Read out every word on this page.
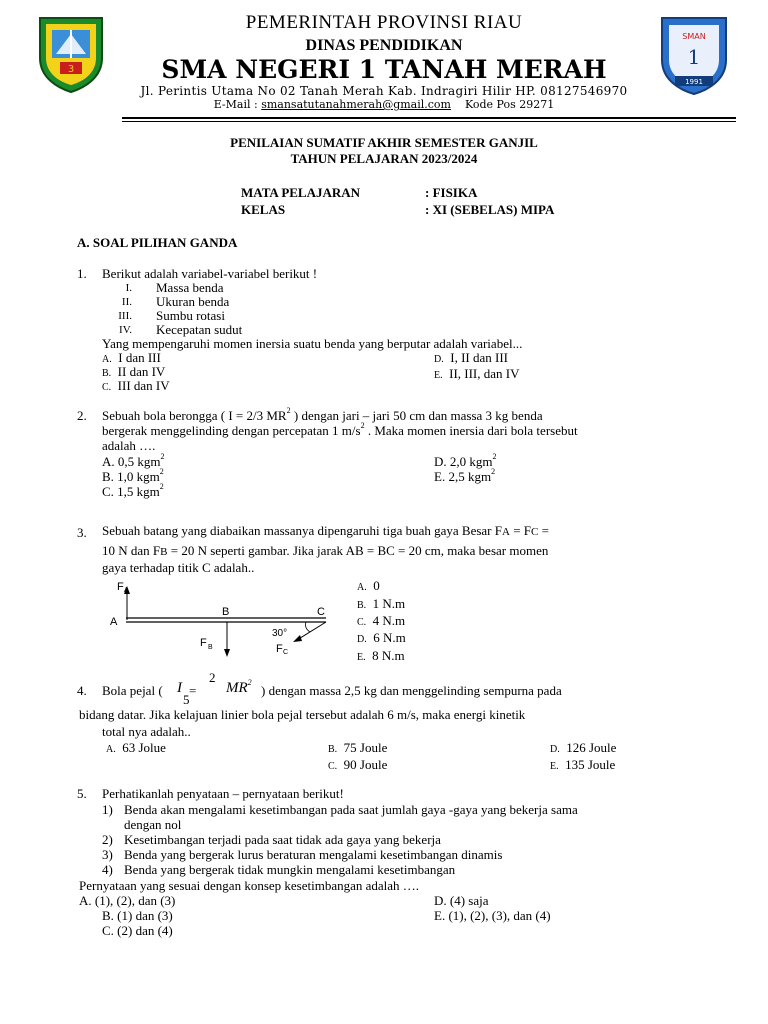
3
SMAN
1
1991
PEMERINTAH PROVINSI RIAU
DINAS PENDIDIKAN
SMA NEGERI 1 TANAH MERAH
Jl. Perintis Utama No 02 Tanah Merah Kab. Indragiri Hilir HP. 08127546970
E-Mail : smansatutanahmerah@gmail.com Kode Pos 29271
PENILAIAN SUMATIF AKHIR SEMESTER GANJIL
TAHUN PELAJARAN 2023/2024
MATA PELAJARAN	: FISIKA
KELAS	: XI (SEBELAS) MIPA
A. SOAL PILIHAN GANDA
1. Berikut adalah variabel-variabel berikut !
I. Massa benda
II. Ukuran benda
III. Sumbu rotasi
IV. Kecepatan sudut
Yang mempengaruhi momen inersia suatu benda yang berputar adalah variabel...
A. I dan III
B. II dan IV
C. III dan IV
D. I, II dan III
E. II, III, dan IV
2. Sebuah bola berongga ( I = 2/3 $MR^2$ ) dengan jari – jari 50 cm dan massa 3 kg benda
bergerak menggelinding dengan percepatan 1 $m/s^2$ . Maka momen inersia dari bola tersebut
adalah ….
A. 0,5 kgm$^2$
B. 1,0 kgm$^2$
C. 1,5 kgm$^2$
D. 2,0 kgm$^2$
E. 2,5 kgm$^2$
3. Sebuah batang yang diabaikan massanya dipengaruhi tiga buah gaya Besar FA = FC =
10 N dan FB = 20 N seperti gambar. Jika jarak AB = BC = 20 cm, maka besar momen
gaya terhadap titik C adalah..
F A
A
B
F B
C
30°
F C
A. 0
B. 1 N.m
C. 4 N.m
D. 6 N.m
E. 8 N.m
4. Bola pejal ( I =
2
5
$MR^2$
) dengan massa 2,5 kg dan menggelinding sempurna pada
bidang datar. Jika kelajuan linier bola pejal tersebut adalah 6 m/s, maka energi kinetik
total nya adalah..
A. 63 Jolue	B. 75 Joule
C. 90 Joule
D. 126 Joule
E. 135 Joule
5. Perhatikanlah penyataan – pernyataan berikut!
1) Benda akan mengalami kesetimbangan pada saat jumlah gaya -gaya yang bekerja sama
dengan nol
2) Kesetimbangan terjadi pada saat tidak ada gaya yang bekerja
3) Benda yang bergerak lurus beraturan mengalami kesetimbangan dinamis
4) Benda yang bergerak tidak mungkin mengalami kesetimbangan
Pernyataan yang sesuai dengan konsep kesetimbangan adalah ….
A. (1), (2), dan (3)
B. (1) dan (3)
C. (2) dan (4)
D. (4) saja
E. (1), (2), (3), dan (4)
